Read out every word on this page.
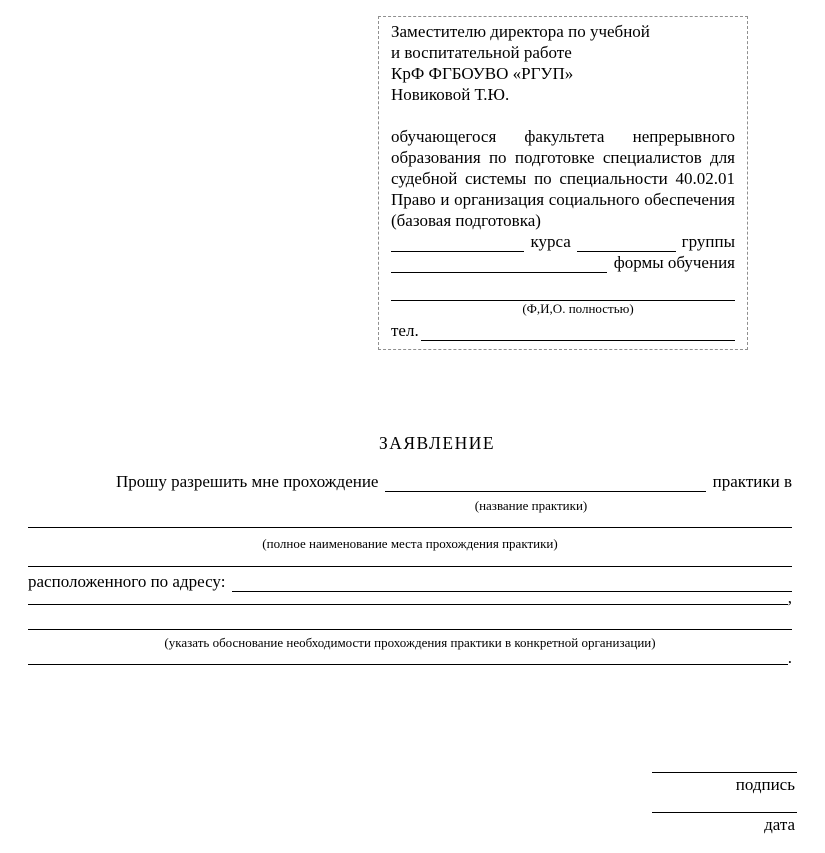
Заместителю директора по учебной
и воспитательной работе
КрФ ФГБОУВО «РГУП»
Новиковой Т.Ю.
обучающегося факультета непрерывного образования по подготовке специалистов для судебной системы по специальности 40.02.01 Право и организация социального обеспечения (базовая подготовка)
курса	группы
формы обучения
(Ф,И,О. полностью)
тел.
ЗАЯВЛЕНИЕ
Прошу разрешить мне прохождение	практики в
(название практики)
(полное наименование места прохождения практики)
расположенного по адресу:
,
(указать обоснование необходимости прохождения практики в конкретной организации)
.
подпись
дата
